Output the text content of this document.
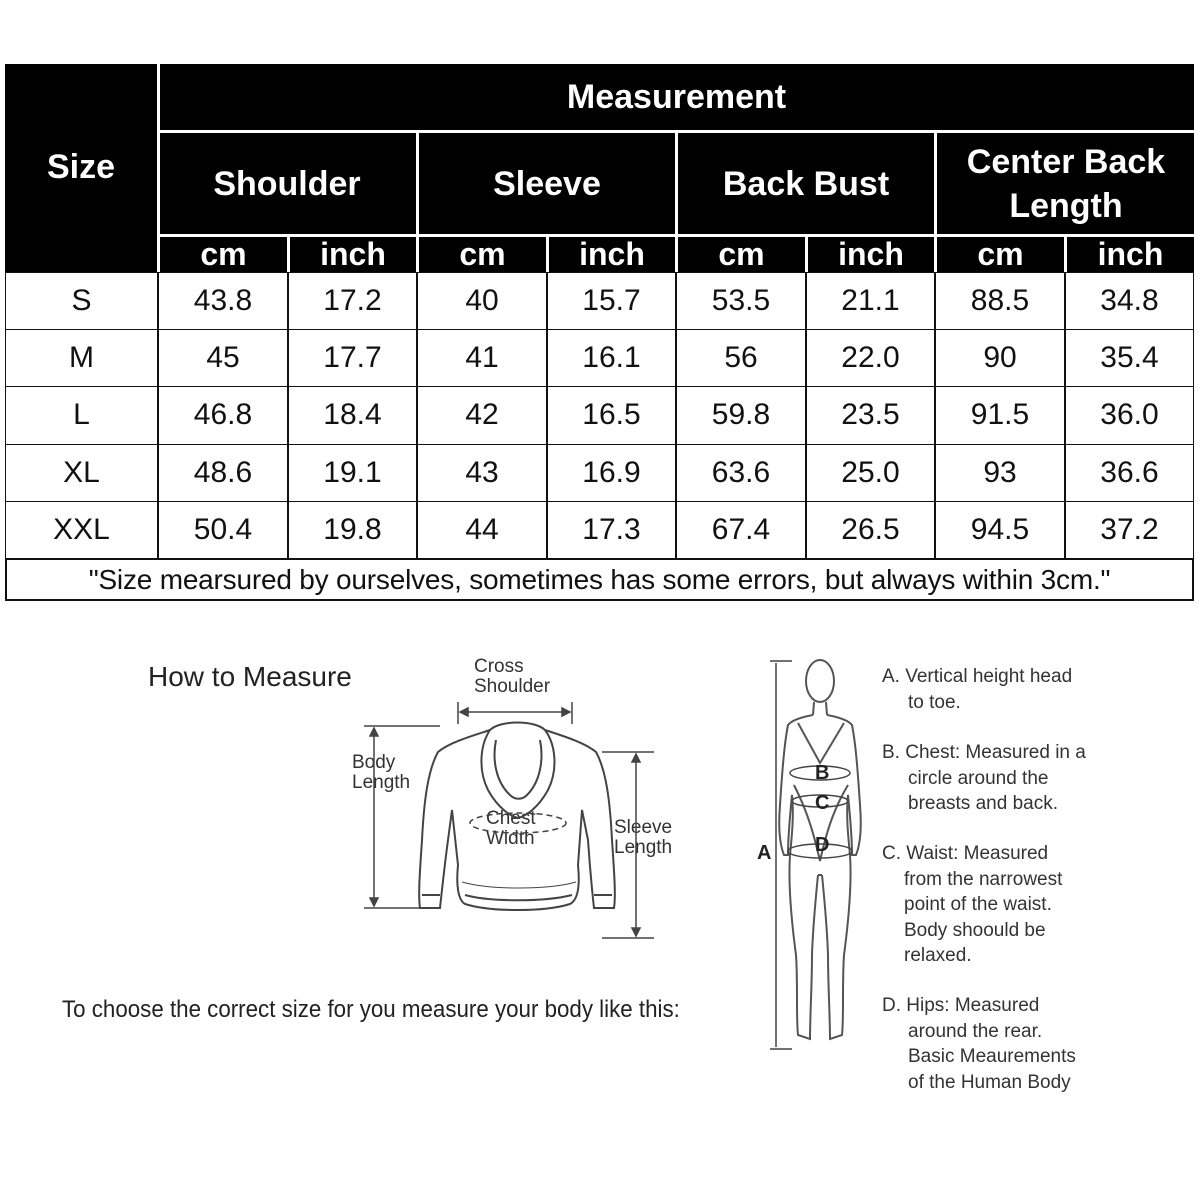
Size
Measurement
Shoulder	Sleeve	Back Bust
Center Back Length
cm inch cm inch cm inch cm inch
S	43.8	17.2	40	15.7	53.5	21.1	88.5	34.8
M	45	17.7	41	16.1	56	22.0	90	35.4
L	46.8	18.4	42	16.5	59.8	23.5	91.5	36.0
XL	48.6	19.1	43	16.9	63.6	25.0	93	36.6
XXL	50.4	19.8	44	17.3	67.4	26.5	94.5	37.2
"Size mearsured by ourselves, sometimes has some errors, but always within 3cm."
How to Measure	Cross
Shoulder
Body
Length
Chest
Width
Sleeve
Length
To choose the correct size for you measure your body like this:
B
C
D
A
A. Vertical height head
to toe.
B. Chest: Measured in a
circle around the
breasts and back.
C. Waist: Measured
from the narrowest
point of the waist.
Body shoould be
relaxed.
D. Hips: Measured
around the rear.
Basic Meaurements
of the Human Body
